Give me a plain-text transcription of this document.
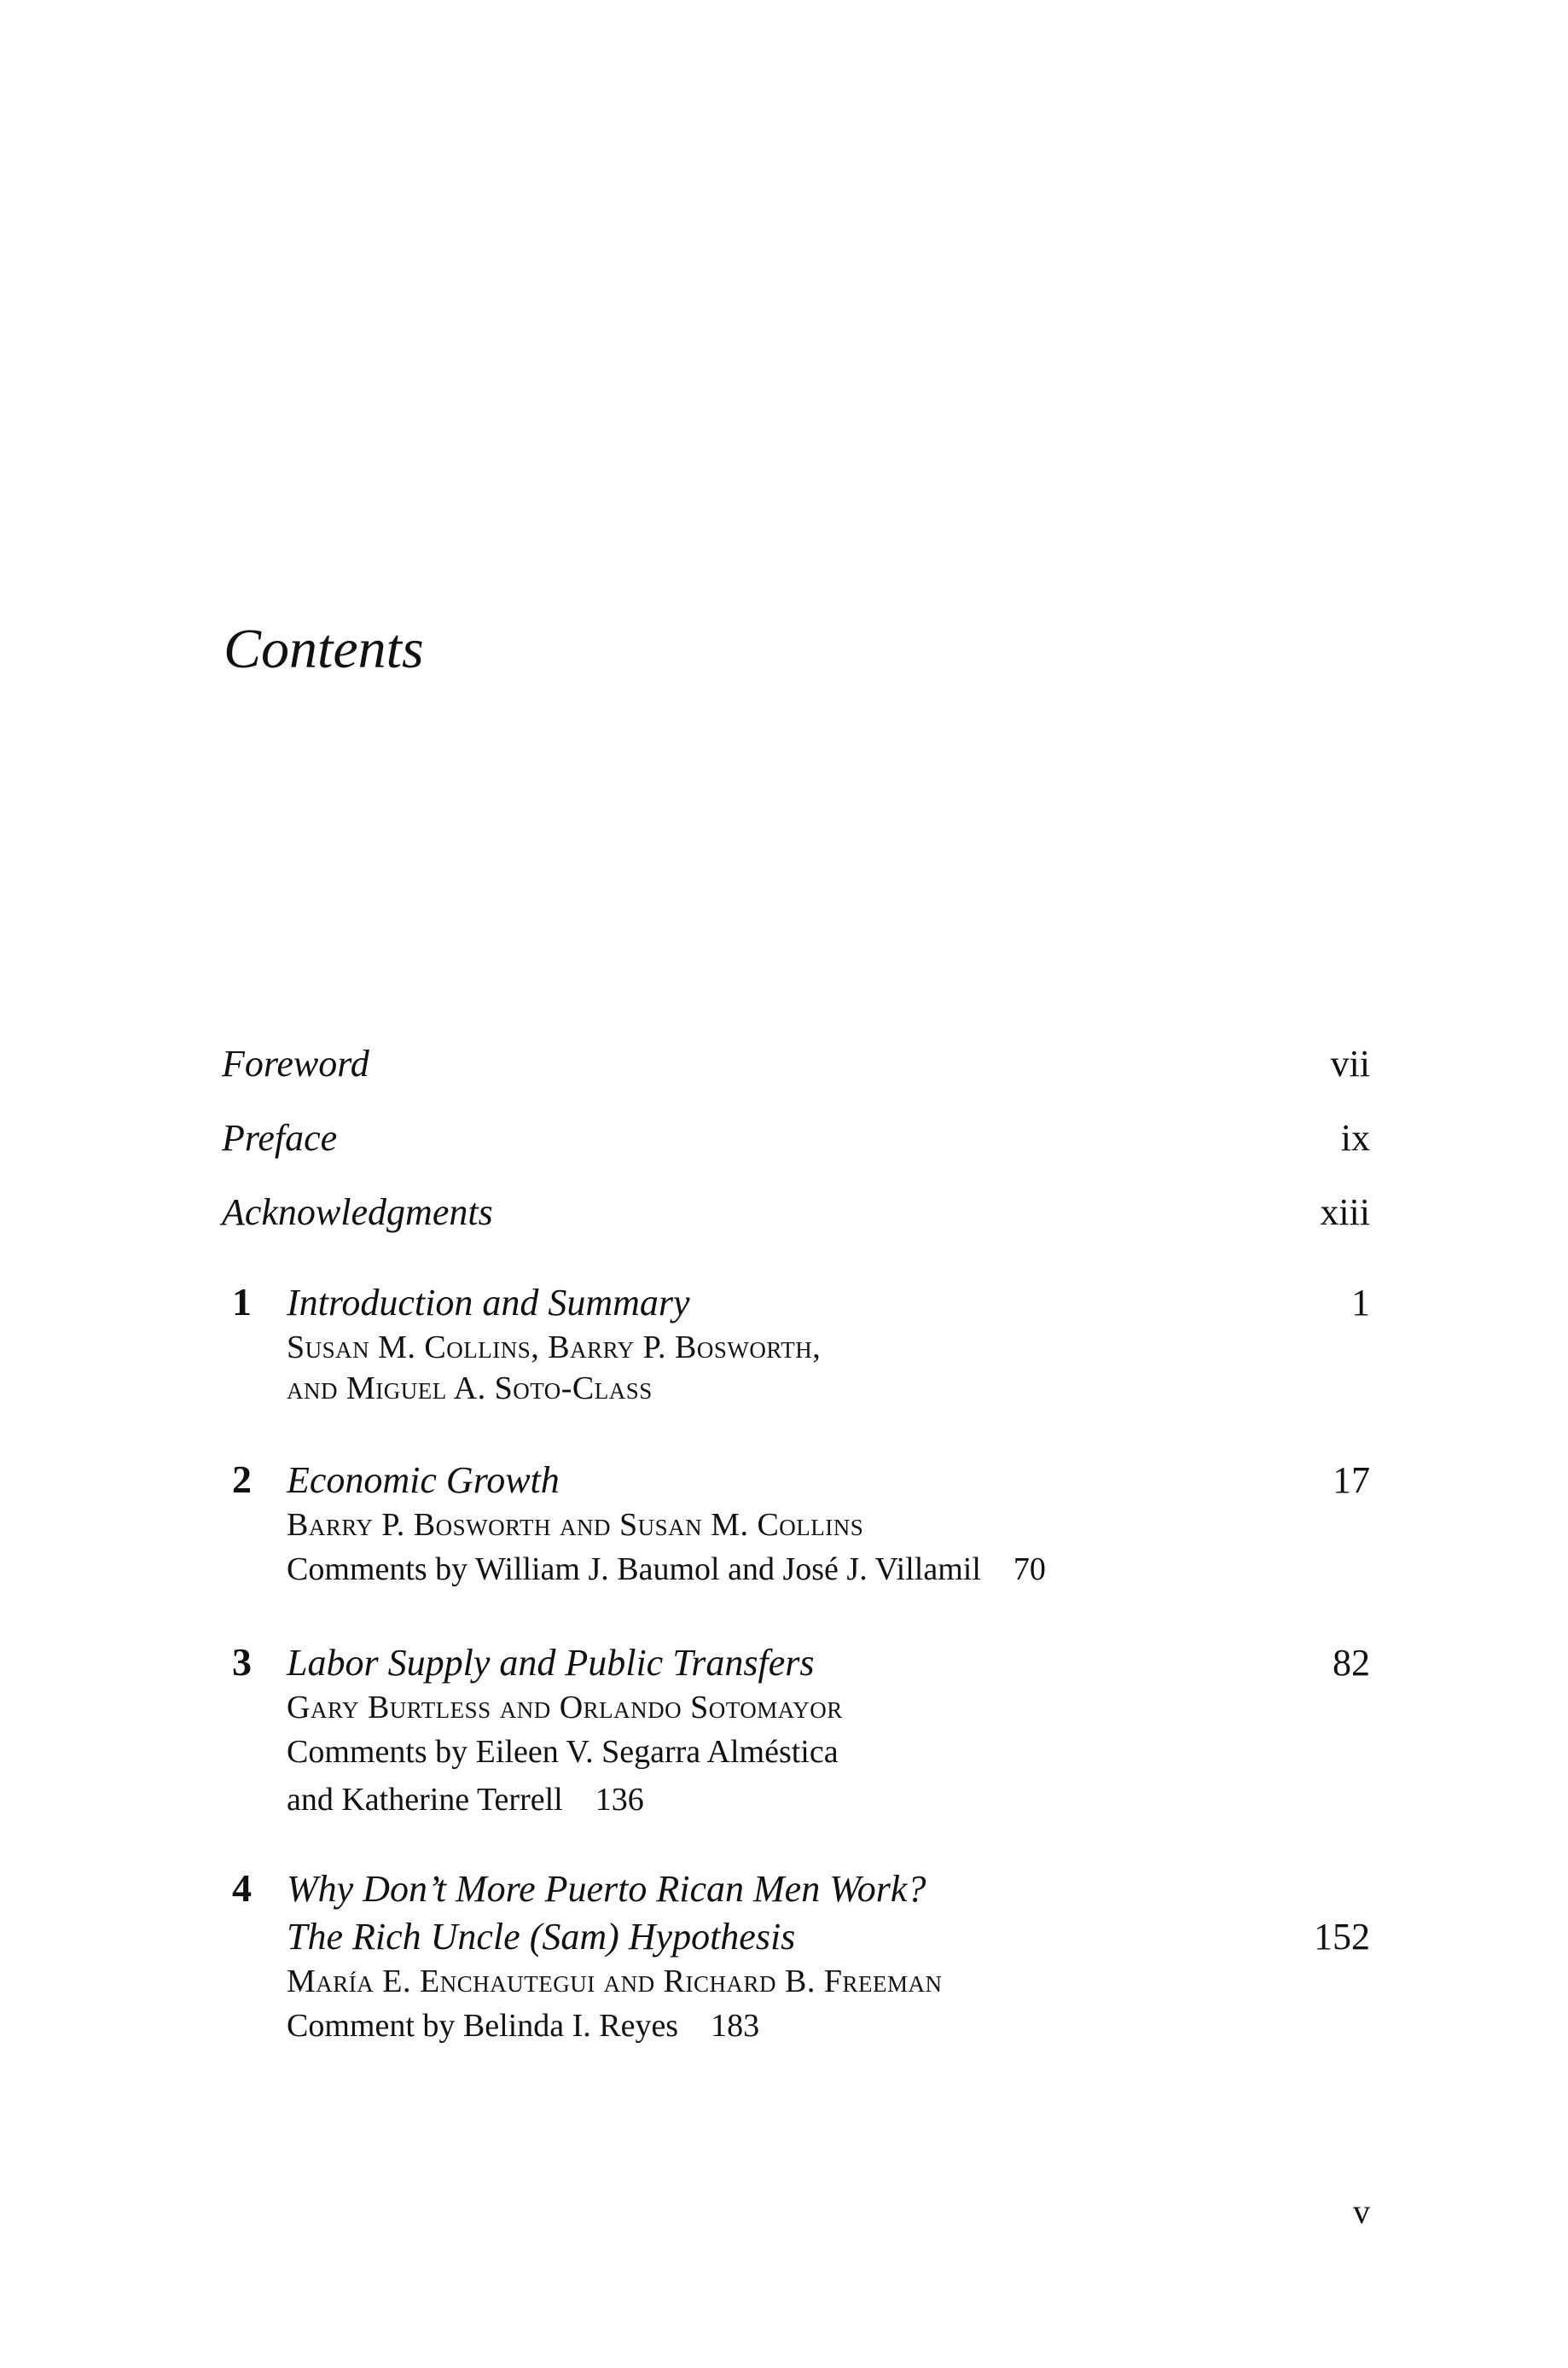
Contents
Foreword	vii
Preface	ix
Acknowledgments	xiii
1 Introduction and Summary	1
Susan M. Collins, Barry P. Bosworth,
and Miguel A. Soto-Class
2 Economic Growth	17
Barry P. Bosworth and Susan M. Collins
Comments by William J. Baumol and José J. Villamil 70
3 Labor Supply and Public Transfers	82
Gary Burtless and Orlando Sotomayor
Comments by Eileen V. Segarra Alméstica
and Katherine Terrell 136
4 Why Don’t More Puerto Rican Men Work?
The Rich Uncle (Sam) Hypothesis	152
María E. Enchautegui and Richard B. Freeman
Comment by Belinda I. Reyes 183
v
